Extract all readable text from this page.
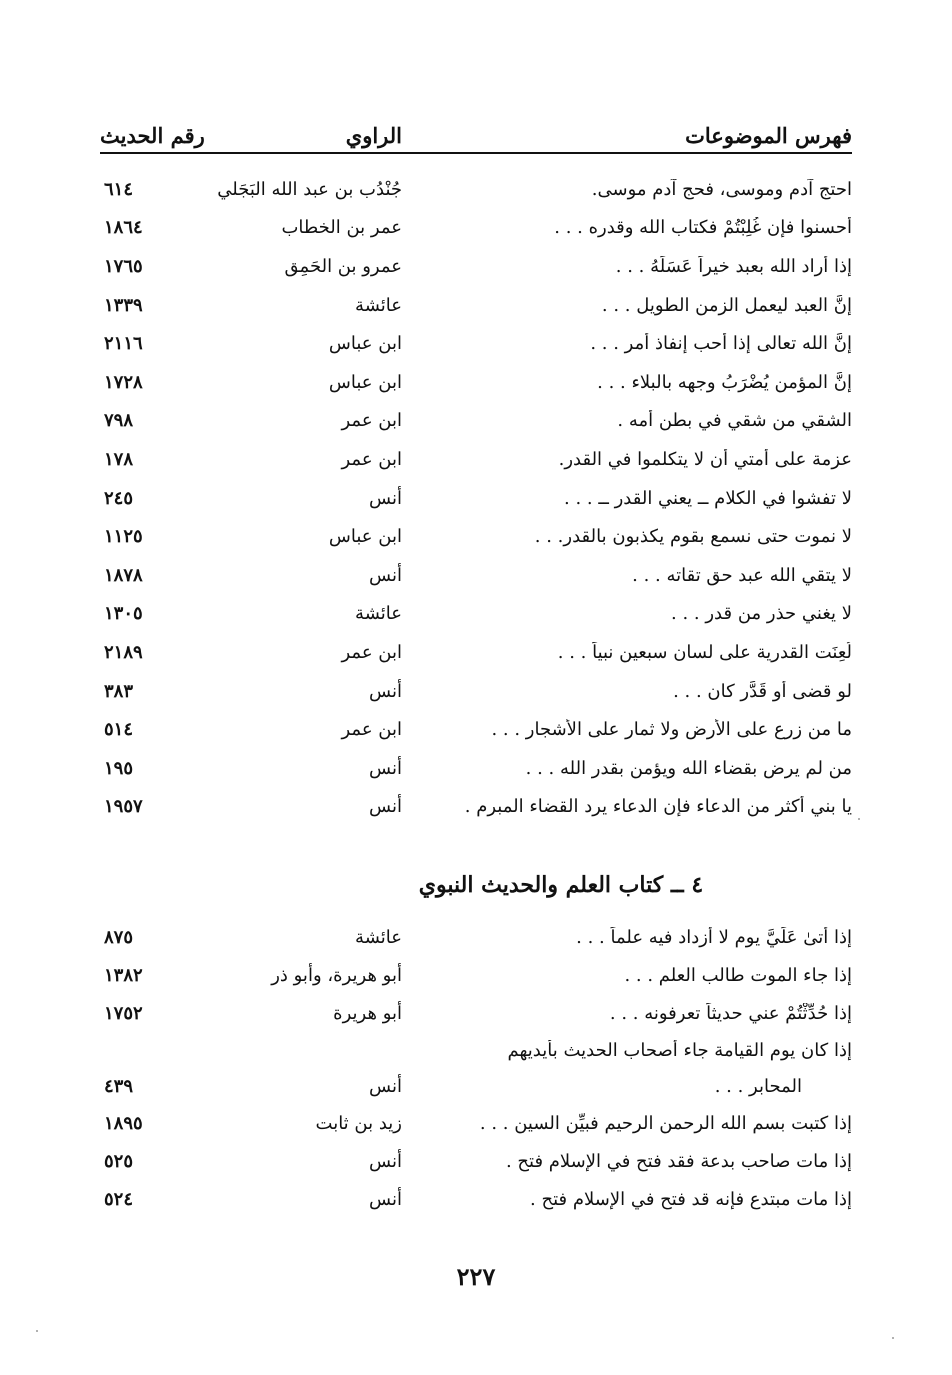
فهرس الموضوعات
الراوي
رقم الحديث
احتج آدم وموسى، فحج آدم موسى.
جُنْدُب بن عبد الله البَجَلي
٦١٤
أحسنوا فإن غُلِبْتُمْ فكتاب الله وقدره . . .
عمر بن الخطاب
١٨٦٤
إذا أراد الله بعبد خيراً عَسَلَهُ . . .
عمرو بن الحَمِق
١٧٦٥
إنَّ العبد ليعمل الزمن الطويل . . .
عائشة
١٣٣٩
إنَّ الله تعالى إذا أحب إنفاذ أمر . . .
ابن عباس
٢١١٦
إنَّ المؤمن يُضْرَبُ وجهه بالبلاء . . .
ابن عباس
١٧٢٨
الشقي من شقي في بطن أمه .
ابن عمر
٧٩٨
عزمة على أمتي أن لا يتكلموا في القدر.
ابن عمر
١٧٨
لا تفشوا في الكلام ــ يعني القدر ــ . . .
أنس
٢٤٥
لا نموت حتى نسمع بقوم يكذبون بالقدر. . .
ابن عباس
١١٢٥
لا يتقي الله عبد حق تقاته . . .
أنس
١٨٧٨
لا يغني حذر من قدر . . .
عائشة
١٣٠٥
لُعِنَت القدرية على لسان سبعين نبياً . . .
ابن عمر
٢١٨٩
لو قضى أو قَدَّر كان . . .
أنس
٣٨٣
ما من زرع على الأرض ولا ثمار على الأشجار . . .
ابن عمر
٥١٤
من لم يرض بقضاء الله ويؤمن بقدر الله . . .
أنس
١٩٥
يا بني أكثر من الدعاء فإن الدعاء يرد القضاء المبرم .
أنس
١٩٥٧
٤ ــ كتاب العلم والحديث النبوي
إذا أتىٰ عَلَيَّ يوم لا أزداد فيه علماً . . .
عائشة
٨٧٥
إذا جاء الموت طالب العلم . . .
أبو هريرة، وأبو ذر
١٣٨٢
إذا حُدِّثْتُمْ عني حديثاً تعرفونه . . .
أبو هريرة
١٧٥٢
إذا كان يوم القيامة جاء أصحاب الحديث بأيديهم
المحابر . . .
أنس
٤٣٩
إذا كتبت بسم الله الرحمن الرحيم فبيِّن السين . . .
زيد بن ثابت
١٨٩٥
إذا مات صاحب بدعة فقد فتح في الإسلام فتح .
أنس
٥٢٥
إذا مات مبتدع فإنه قد فتح في الإسلام فتح .
أنس
٥٢٤
٢٢٧
